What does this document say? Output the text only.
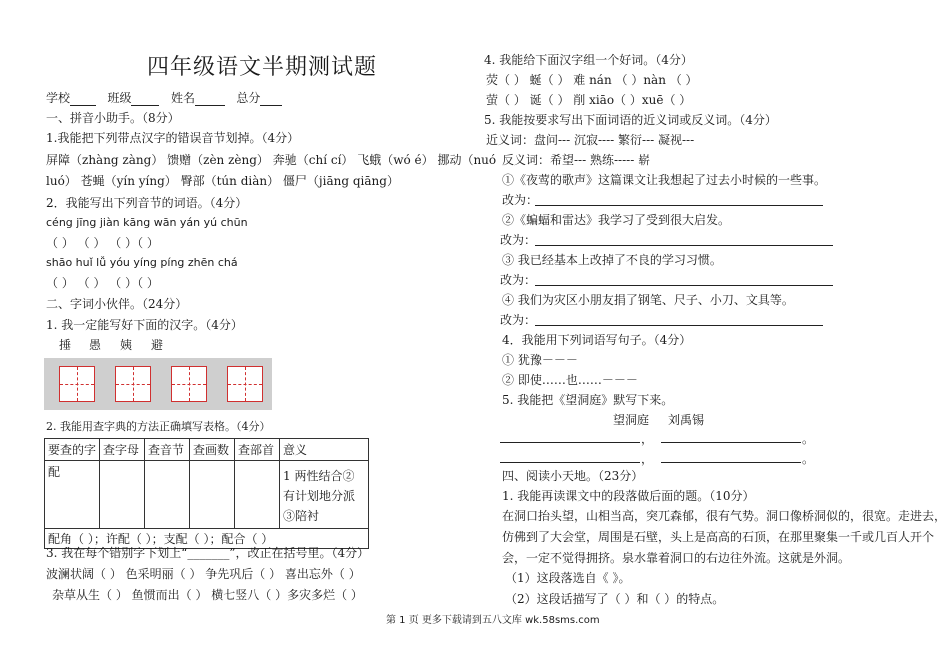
四年级语文半期测试题
学校	班级	姓名	总分
一、拼音小助手。（8分）
1.我能把下列带点汉字的错误音节划掉。（4分）
屏障（zhàng zàng） 馈赠（zèn zèng） 奔驰（chí cí） 飞蛾（wó é） 挪动（nuó
luó） 苍蝇（yín yíng） 臀部（tún diàn） 僵尸（jiāng qiāng）
2．我能写出下列音节的词语。（4分）
céng jīng jiàn kāng wān yán yú chūn
（ ） （ ） （ ）（ ）
shāo huǐ lǚ yóu yíng píng zhēn chá
（ ） （ ） （ ）（ ）
二、字词小伙伴。（24分）
1. 我一定能写好下面的汉字。（4分）
捶 愚 姨 避
2. 我能用查字典的方法正确填写表格。（4分）
要查的字	查字母	查音节	查画数	查部首	意义
配					1 两性结合②有计划地分派③陪衬
配角（ ）；许配（ ）；支配（ ）；配合（ ）					
3. 我在每个错别字下划上“_______”，改正在括号里。（4分）
波澜状阔（ ） 色采明丽（ ） 争先巩后（ ） 喜出忘外（ ）
杂草从生（ ） 鱼惯而出（ ） 横七竖八（ ）多灾多烂（ ）
4. 我能给下面汉字组一个好词。（4分）
荧（ ） 蜒（ ） 难 nán （ ）nàn （ ）
萤（ ） 诞（ ） 削 xiāo（ ）xuē（ ）
5. 我能按要求写出下面词语的近义词或反义词。（4分）
近义词：盘问--- 沉寂---- 繁衍--- 凝视---
反义词：希望--- 熟练----- 崭
①《夜莺的歌声》这篇课文让我想起了过去小时候的一些事。
改为：
②《蝙蝠和雷达》我学习了受到很大启发。
改为：
③ 我已经基本上改掉了不良的学习习惯。
改为：
④ 我们为灾区小朋友捐了钢笔、尺子、小刀、文具等。
改为：
4．我能用下列词语写句子。（4分）
① 犹豫－－－
② 即使……也……－－－
5. 我能把《望洞庭》默写下来。
望洞庭 刘禹锡
，	。
，	。
四、阅读小天地。（23分）
1. 我能再读课文中的段落做后面的题。（10分）
在洞口抬头望，山相当高，突兀森郁，很有气势。洞口像桥洞似的，很宽。走进去，
仿佛到了大会堂，周围是石壁，头上是高高的石顶，在那里聚集一千或几百人开个
会，一定不觉得拥挤。泉水靠着洞口的右边往外流。这就是外洞。
（1）这段落选自《 》。
（2）这段话描写了（ ）和（ ）的特点。
第 1 页 更多下载请到五八文库 wk.58sms.com
